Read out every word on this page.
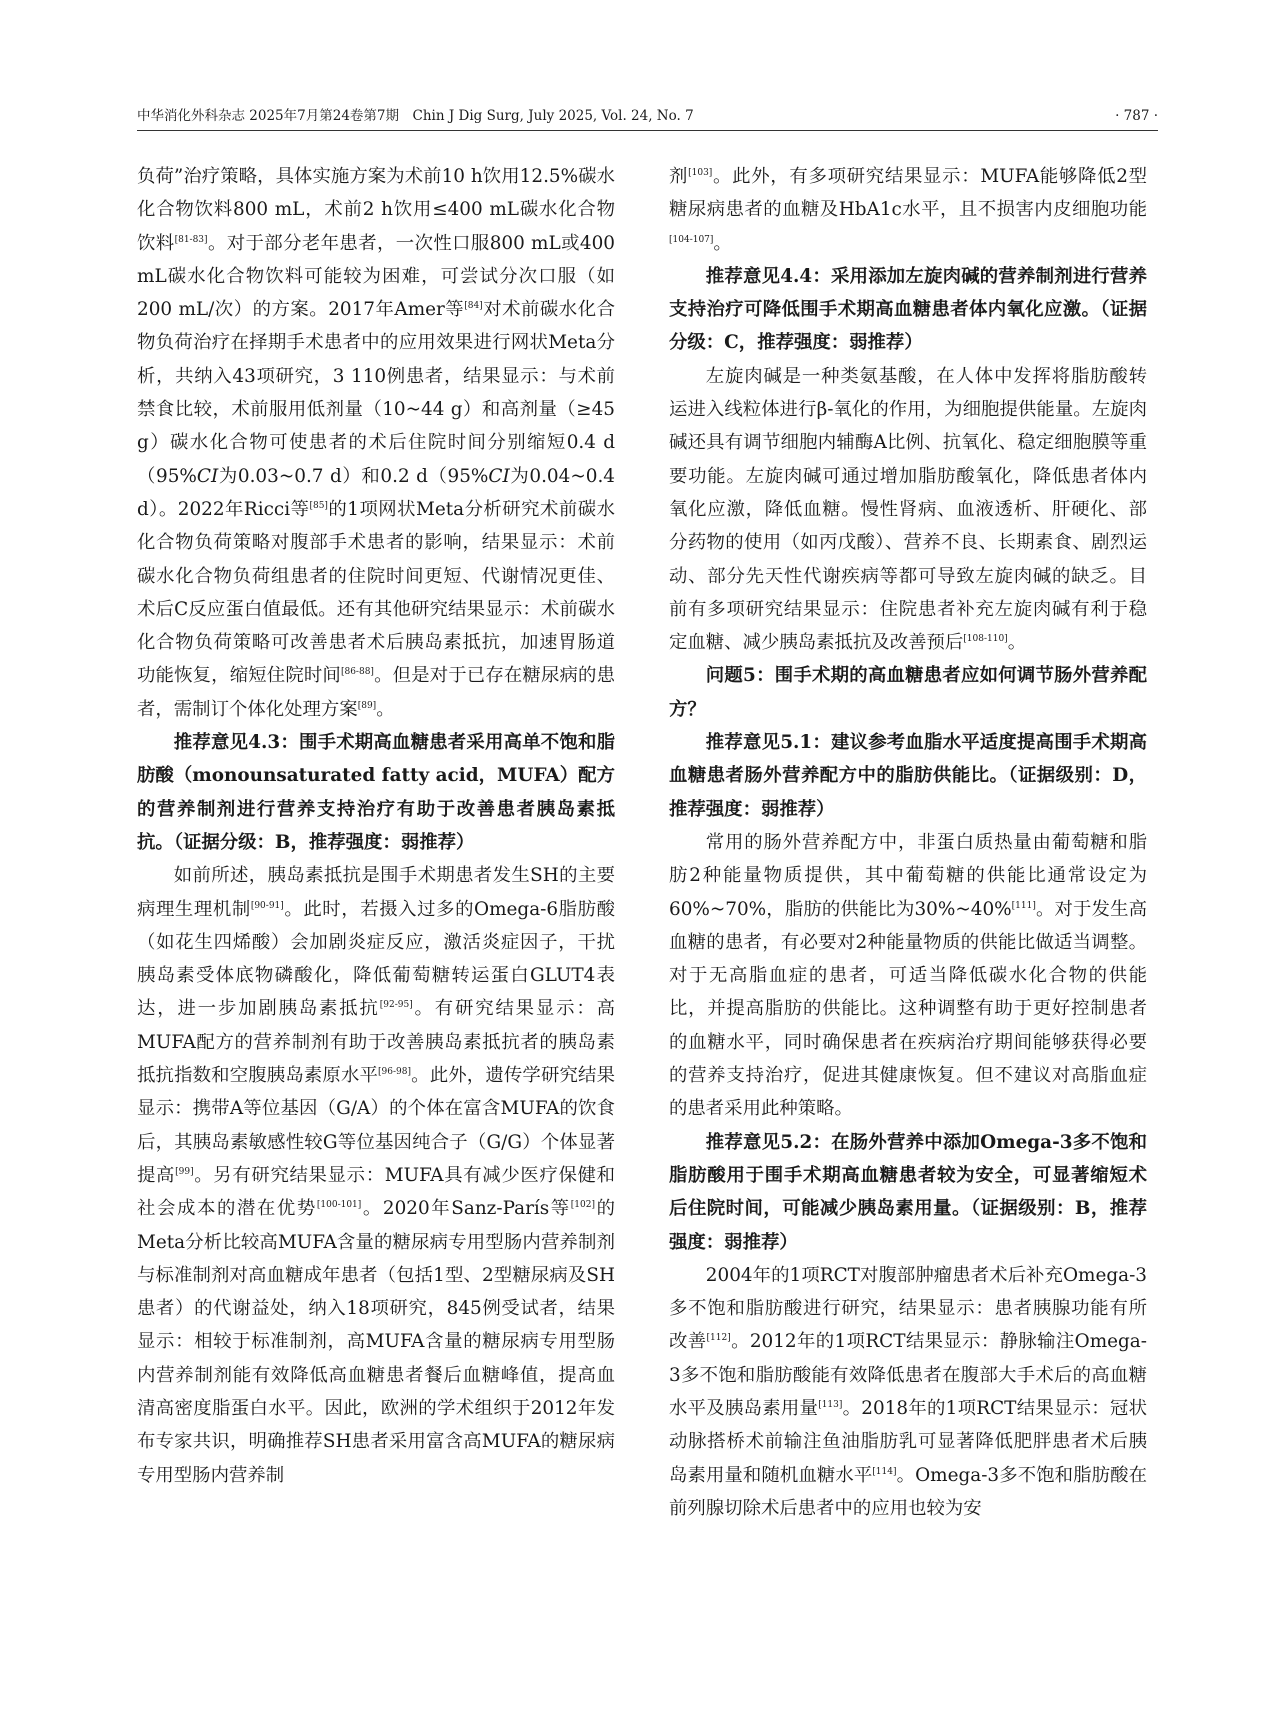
中华消化外科杂志 2025年7月第24卷第7期　Chin J Dig Surg, July 2025, Vol. 24, No. 7	· 787 ·

负荷”治疗策略，具体实施方案为术前10 h饮用12.5%碳水化合物饮料800 mL，术前2 h饮用≤400 mL碳水化合物饮料[81-83]。对于部分老年患者，一次性口服800 mL或400 mL碳水化合物饮料可能较为困难，可尝试分次口服（如200 mL/次）的方案。2017年Amer等[84]对术前碳水化合物负荷治疗在择期手术患者中的应用效果进行网状Meta分析，共纳入43项研究，3 110例患者，结果显示：与术前禁食比较，术前服用低剂量（10~44 g）和高剂量（≥45 g）碳水化合物可使患者的术后住院时间分别缩短0.4 d（95%CI为0.03~0.7 d）和0.2 d（95%CI为0.04~0.4 d）。2022年Ricci等[85]的1项网状Meta分析研究术前碳水化合物负荷策略对腹部手术患者的影响，结果显示：术前碳水化合物负荷组患者的住院时间更短、代谢情况更佳、术后C反应蛋白值最低。还有其他研究结果显示：术前碳水化合物负荷策略可改善患者术后胰岛素抵抗，加速胃肠道功能恢复，缩短住院时间[86-88]。但是对于已存在糖尿病的患者，需制订个体化处理方案[89]。

推荐意见4.3：围手术期高血糖患者采用高单不饱和脂肪酸（monounsaturated fatty acid，MUFA）配方的营养制剂进行营养支持治疗有助于改善患者胰岛素抵抗。（证据分级：B，推荐强度：弱推荐）

如前所述，胰岛素抵抗是围手术期患者发生SH的主要病理生理机制[90-91]。此时，若摄入过多的Omega-6脂肪酸（如花生四烯酸）会加剧炎症反应，激活炎症因子，干扰胰岛素受体底物磷酸化，降低葡萄糖转运蛋白GLUT4表达，进一步加剧胰岛素抵抗[92-95]。有研究结果显示：高MUFA配方的营养制剂有助于改善胰岛素抵抗者的胰岛素抵抗指数和空腹胰岛素原水平[96-98]。此外，遗传学研究结果显示：携带A等位基因（G/A）的个体在富含MUFA的饮食后，其胰岛素敏感性较G等位基因纯合子（G/G）个体显著提高[99]。另有研究结果显示：MUFA具有减少医疗保健和社会成本的潜在优势[100-101]。2020年Sanz-París等[102]的Meta分析比较高MUFA含量的糖尿病专用型肠内营养制剂与标准制剂对高血糖成年患者（包括1型、2型糖尿病及SH患者）的代谢益处，纳入18项研究，845例受试者，结果显示：相较于标准制剂，高MUFA含量的糖尿病专用型肠内营养制剂能有效降低高血糖患者餐后血糖峰值，提高血清高密度脂蛋白水平。因此，欧洲的学术组织于2012年发布专家共识，明确推荐SH患者采用富含高MUFA的糖尿病专用型肠内营养制

剂[103]。此外，有多项研究结果显示：MUFA能够降低2型糖尿病患者的血糖及HbA1c水平，且不损害内皮细胞功能[104-107]。

推荐意见4.4：采用添加左旋肉碱的营养制剂进行营养支持治疗可降低围手术期高血糖患者体内氧化应激。（证据分级：C，推荐强度：弱推荐）

左旋肉碱是一种类氨基酸，在人体中发挥将脂肪酸转运进入线粒体进行β-氧化的作用，为细胞提供能量。左旋肉碱还具有调节细胞内辅酶A比例、抗氧化、稳定细胞膜等重要功能。左旋肉碱可通过增加脂肪酸氧化，降低患者体内氧化应激，降低血糖。慢性肾病、血液透析、肝硬化、部分药物的使用（如丙戊酸）、营养不良、长期素食、剧烈运动、部分先天性代谢疾病等都可导致左旋肉碱的缺乏。目前有多项研究结果显示：住院患者补充左旋肉碱有利于稳定血糖、减少胰岛素抵抗及改善预后[108-110]。

问题5：围手术期的高血糖患者应如何调节肠外营养配方？

推荐意见5.1：建议参考血脂水平适度提高围手术期高血糖患者肠外营养配方中的脂肪供能比。（证据级别：D，推荐强度：弱推荐）

常用的肠外营养配方中，非蛋白质热量由葡萄糖和脂肪2种能量物质提供，其中葡萄糖的供能比通常设定为60%~70%，脂肪的供能比为30%~40%[111]。对于发生高血糖的患者，有必要对2种能量物质的供能比做适当调整。对于无高脂血症的患者，可适当降低碳水化合物的供能比，并提高脂肪的供能比。这种调整有助于更好控制患者的血糖水平，同时确保患者在疾病治疗期间能够获得必要的营养支持治疗，促进其健康恢复。但不建议对高脂血症的患者采用此种策略。

推荐意见5.2：在肠外营养中添加Omega-3多不饱和脂肪酸用于围手术期高血糖患者较为安全，可显著缩短术后住院时间，可能减少胰岛素用量。（证据级别：B，推荐强度：弱推荐）

2004年的1项RCT对腹部肿瘤患者术后补充Omega-3多不饱和脂肪酸进行研究，结果显示：患者胰腺功能有所改善[112]。2012年的1项RCT结果显示：静脉输注Omega-3多不饱和脂肪酸能有效降低患者在腹部大手术后的高血糖水平及胰岛素用量[113]。2018年的1项RCT结果显示：冠状动脉搭桥术前输注鱼油脂肪乳可显著降低肥胖患者术后胰岛素用量和随机血糖水平[114]。Omega-3多不饱和脂肪酸在前列腺切除术后患者中的应用也较为安
